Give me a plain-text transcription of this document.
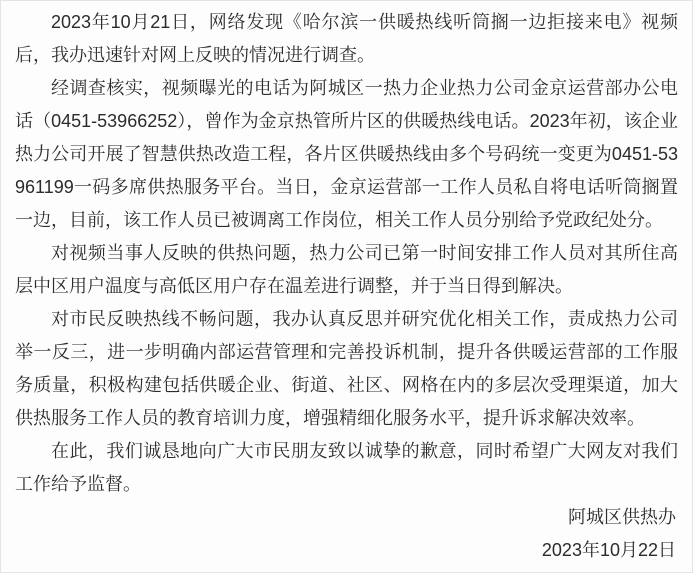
2023年10月21日，网络发现《哈尔滨一供暖热线听筒搁一边拒接来电》视频后，我办迅速针对网上反映的情况进行调查。

经调查核实，视频曝光的电话为阿城区一热力企业热力公司金京运营部办公电话（0451-53966252），曾作为金京热管所片区的供暖热线电话。2023年初，该企业热力公司开展了智慧供热改造工程，各片区供暖热线由多个号码统一变更为0451-53961199一码多席供热服务平台。当日，金京运营部一工作人员私自将电话听筒搁置一边，目前，该工作人员已被调离工作岗位，相关工作人员分别给予党政纪处分。

对视频当事人反映的供热问题，热力公司已第一时间安排工作人员对其所住高层中区用户温度与高低区用户存在温差进行调整，并于当日得到解决。

对市民反映热线不畅问题，我办认真反思并研究优化相关工作，责成热力公司举一反三，进一步明确内部运营管理和完善投诉机制，提升各供暖运营部的工作服务质量，积极构建包括供暖企业、街道、社区、网格在内的多层次受理渠道，加大供热服务工作人员的教育培训力度，增强精细化服务水平，提升诉求解决效率。

在此，我们诚恳地向广大市民朋友致以诚挚的歉意，同时希望广大网友对我们工作给予监督。

阿城区供热办

2023年10月22日
